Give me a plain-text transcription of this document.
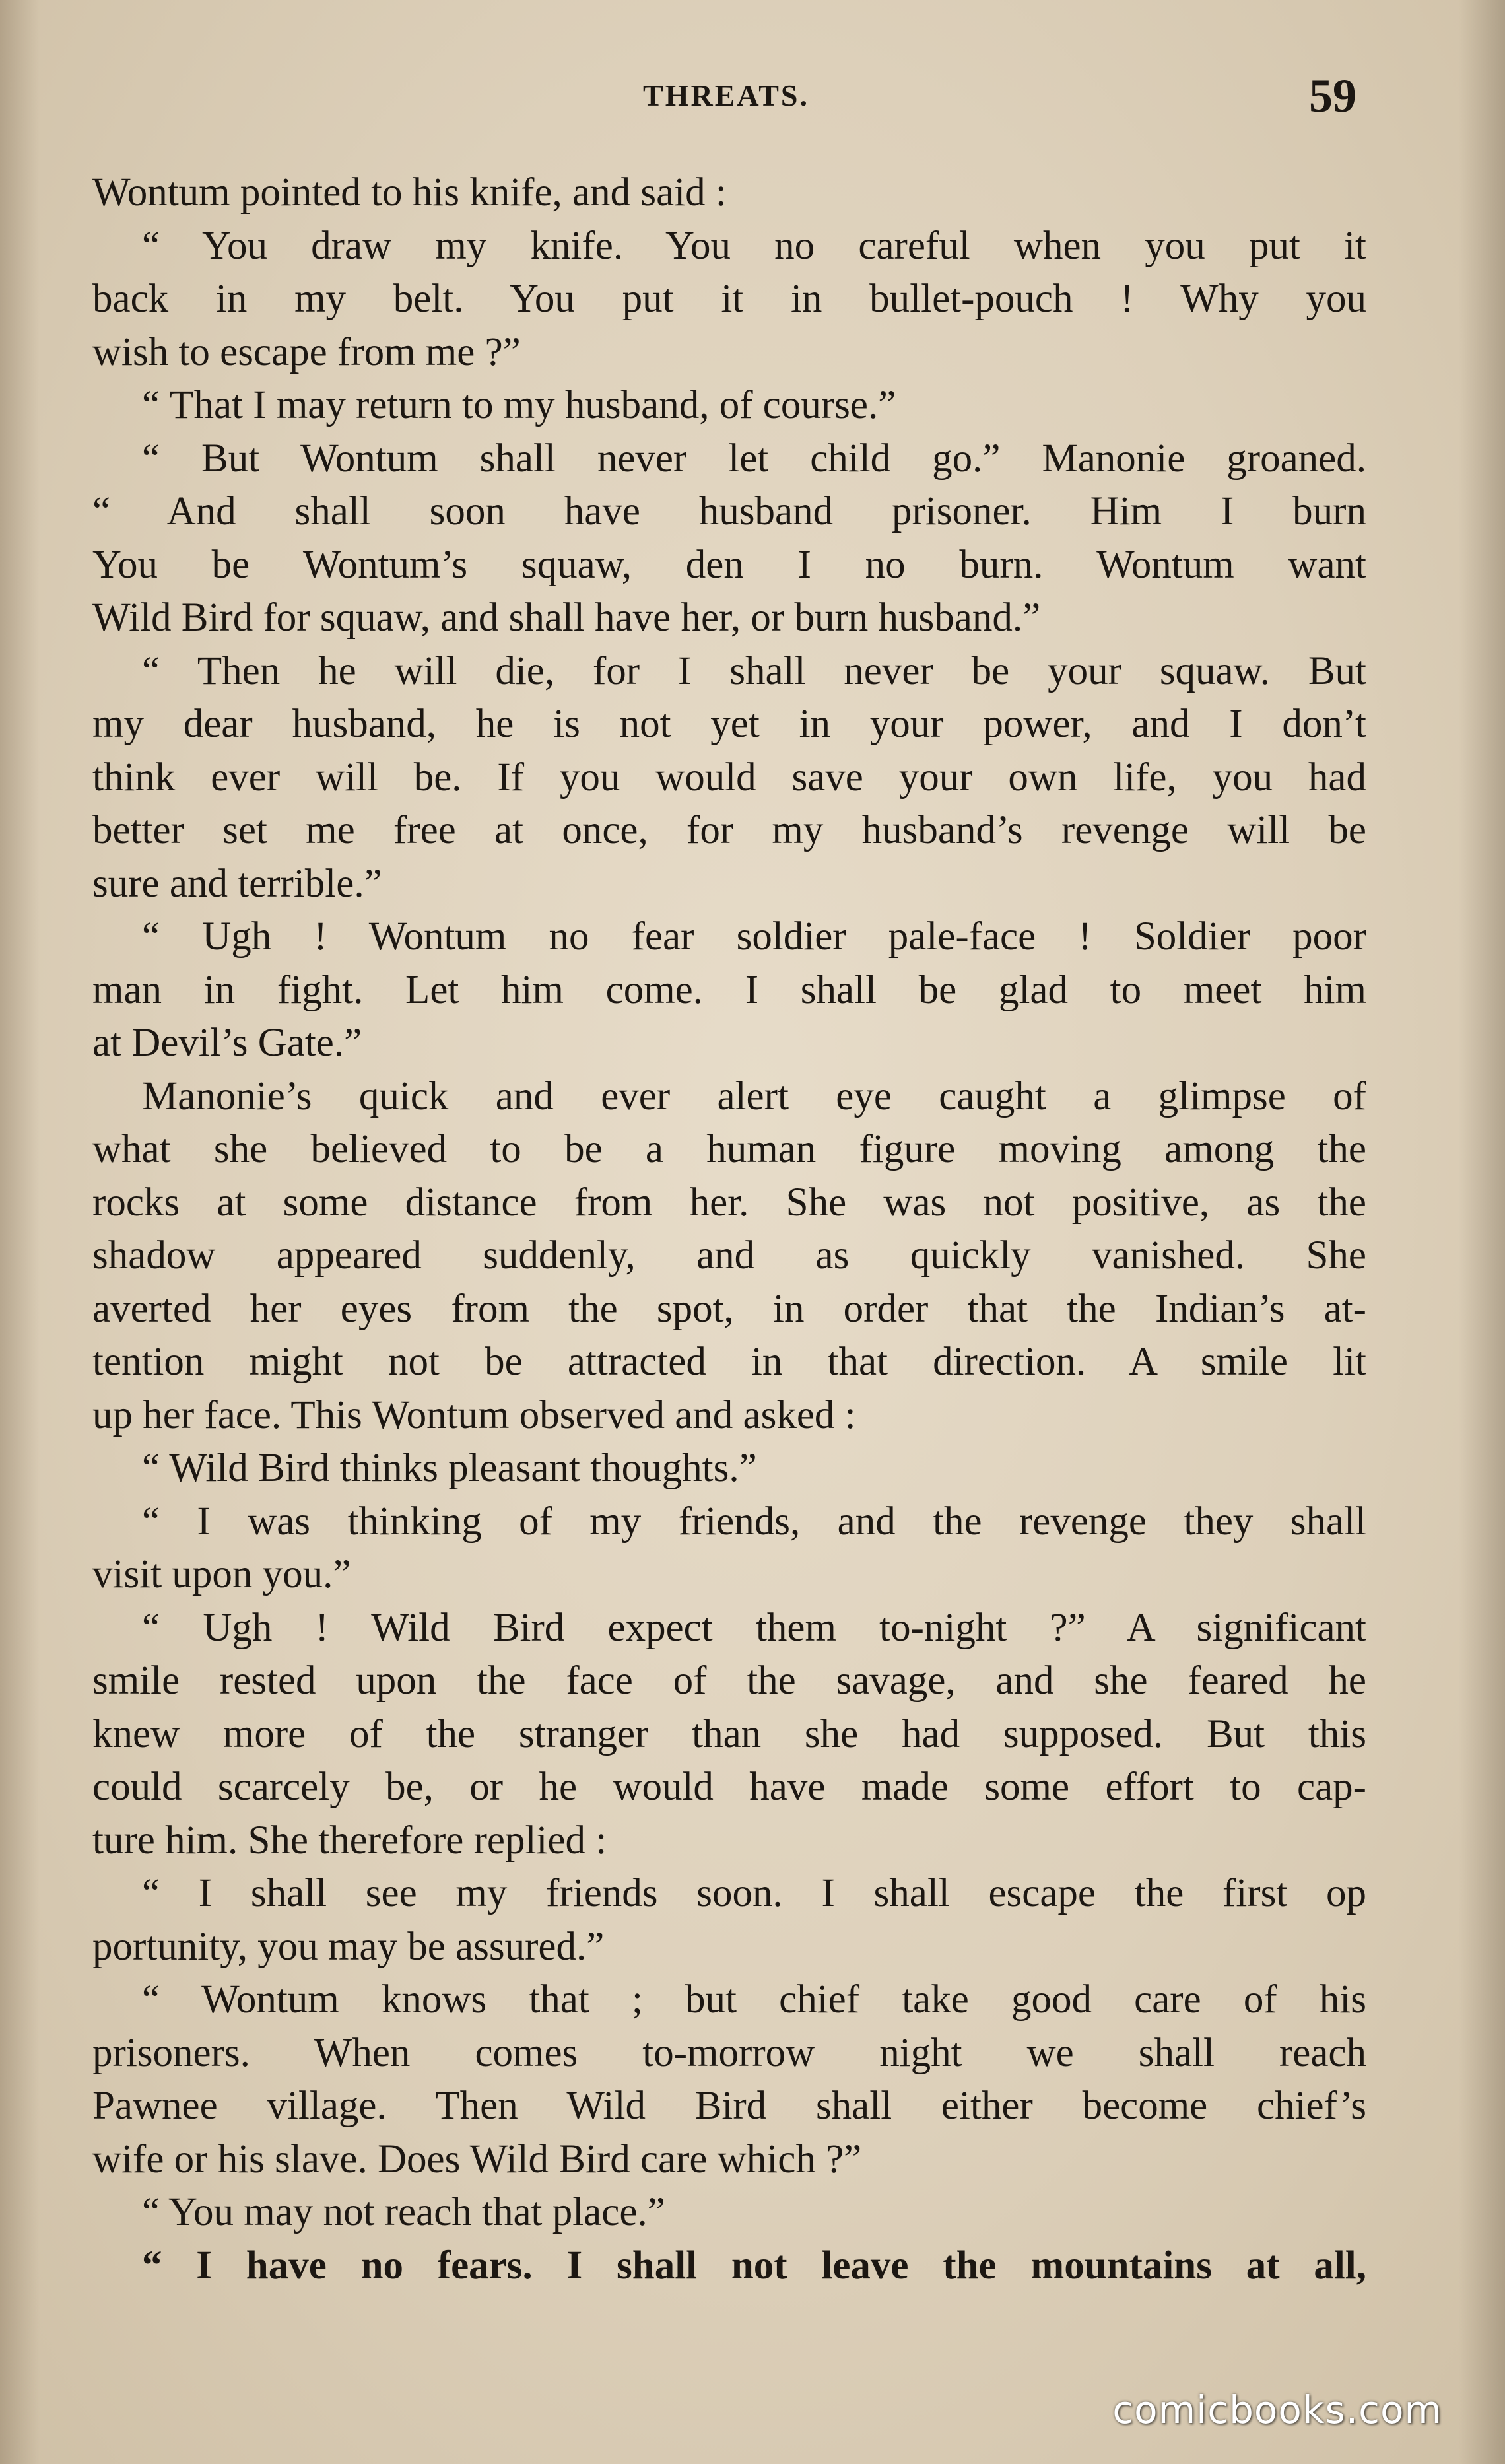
THREATS.	59
Wontum pointed to his knife, and said :
“ You draw my knife. You no careful when you put it
back in my belt. You put it in bullet-pouch ! Why you
wish to escape from me ?”
“ That I may return to my husband, of course.”
“ But Wontum shall never let child go.” Manonie groaned.
“ And shall soon have husband prisoner. Him I burn
You be Wontum’s squaw, den I no burn. Wontum want
Wild Bird for squaw, and shall have her, or burn husband.”
“ Then he will die, for I shall never be your squaw. But
my dear husband, he is not yet in your power, and I don’t
think ever will be. If you would save your own life, you had
better set me free at once, for my husband’s revenge will be
sure and terrible.”
“ Ugh ! Wontum no fear soldier pale-face ! Soldier poor
man in fight. Let him come. I shall be glad to meet him
at Devil’s Gate.”
Manonie’s quick and ever alert eye caught a glimpse of
what she believed to be a human figure moving among the
rocks at some distance from her. She was not positive, as the
shadow appeared suddenly, and as quickly vanished. She
averted her eyes from the spot, in order that the Indian’s at-
tention might not be attracted in that direction. A smile lit
up her face. This Wontum observed and asked :
“ Wild Bird thinks pleasant thoughts.”
“ I was thinking of my friends, and the revenge they shall
visit upon you.”
“ Ugh ! Wild Bird expect them to-night ?” A significant
smile rested upon the face of the savage, and she feared he
knew more of the stranger than she had supposed. But this
could scarcely be, or he would have made some effort to cap-
ture him. She therefore replied :
“ I shall see my friends soon. I shall escape the first op
portunity, you may be assured.”
“ Wontum knows that ; but chief take good care of his
prisoners. When comes to-morrow night we shall reach
Pawnee village. Then Wild Bird shall either become chief’s
wife or his slave. Does Wild Bird care which ?”
“ You may not reach that place.”
“ I have no fears. I shall not leave the mountains at all,
comicbooks.com
